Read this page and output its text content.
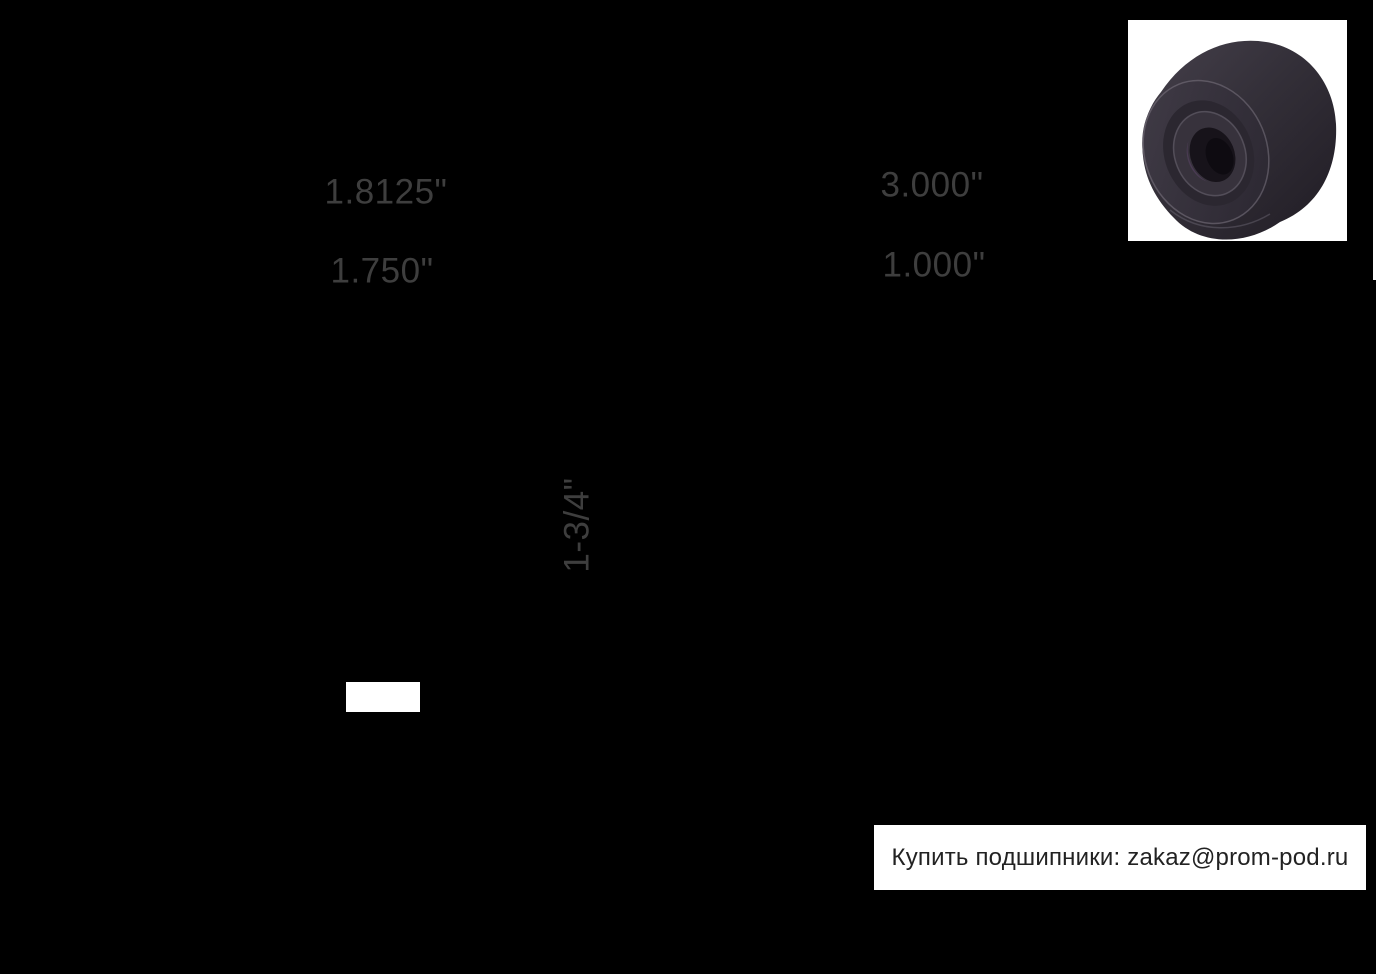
1.8125"
1.750"
3.000"
1.000"
1-3/4"
Купить подшипники: zakaz@prom-pod.ru
